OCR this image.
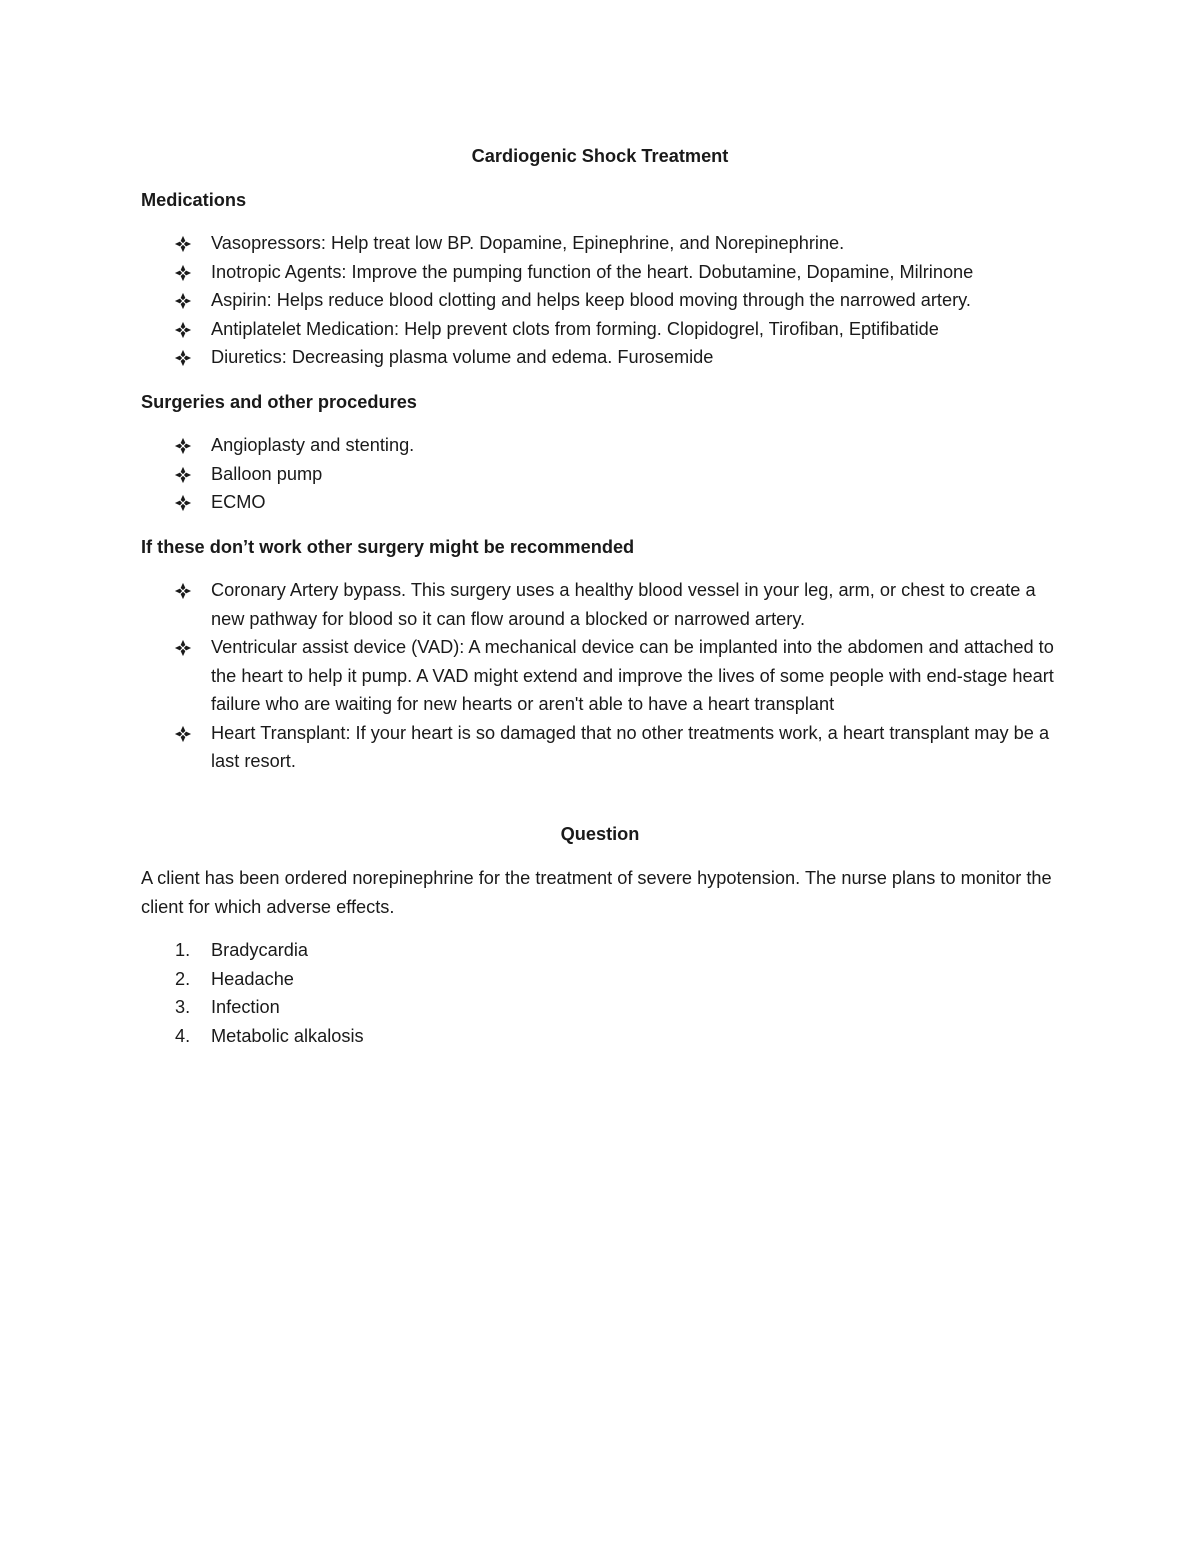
Cardiogenic Shock Treatment
Medications
Vasopressors: Help treat low BP. Dopamine, Epinephrine, and Norepinephrine.
Inotropic Agents: Improve the pumping function of the heart. Dobutamine, Dopamine, Milrinone
Aspirin: Helps reduce blood clotting and helps keep blood moving through the narrowed artery.
Antiplatelet Medication: Help prevent clots from forming. Clopidogrel, Tirofiban, Eptifibatide
Diuretics: Decreasing plasma volume and edema. Furosemide
Surgeries and other procedures
Angioplasty and stenting.
Balloon pump
ECMO
If these don’t work other surgery might be recommended
Coronary Artery bypass. This surgery uses a healthy blood vessel in your leg, arm, or chest to create a new pathway for blood so it can flow around a blocked or narrowed artery.
Ventricular assist device (VAD): A mechanical device can be implanted into the abdomen and attached to the heart to help it pump. A VAD might extend and improve the lives of some people with end-stage heart failure who are waiting for new hearts or aren't able to have a heart transplant
Heart Transplant: If your heart is so damaged that no other treatments work, a heart transplant may be a last resort.
Question

A client has been ordered norepinephrine for the treatment of severe hypotension. The nurse plans to monitor the client for which adverse effects.

1. Bradycardia
2. Headache
3. Infection
4. Metabolic alkalosis
